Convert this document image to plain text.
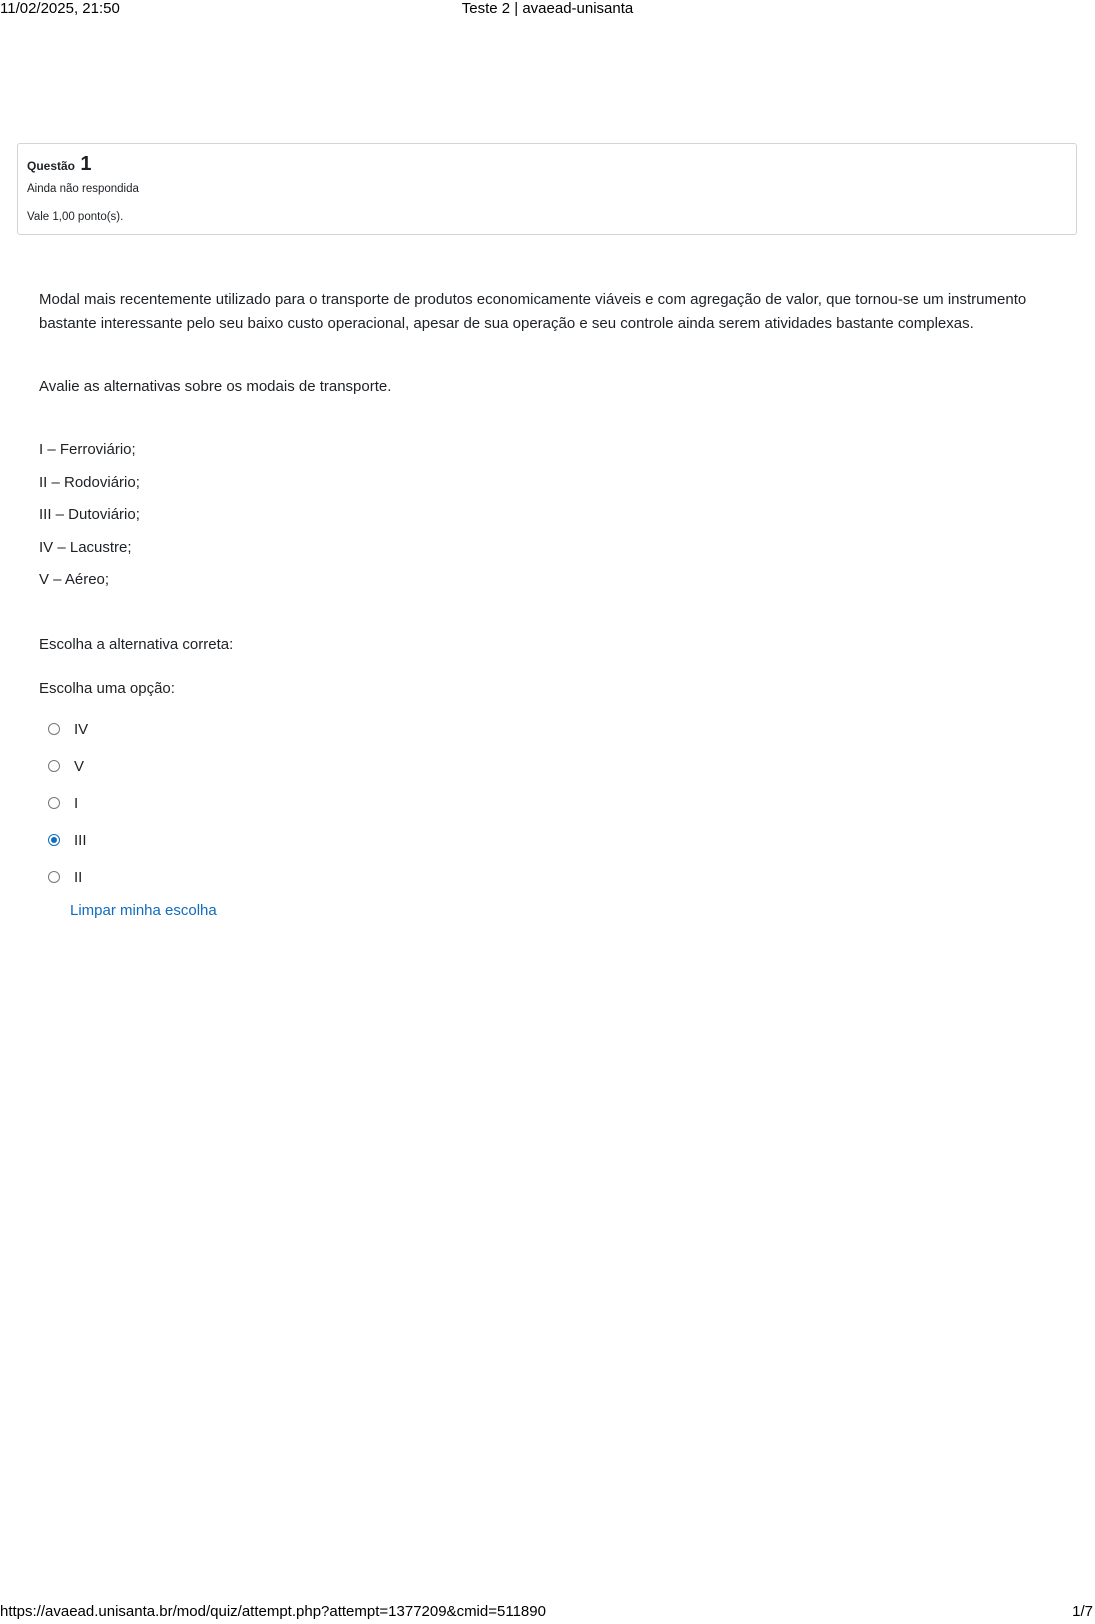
11/02/2025, 21:50	Teste 2 | avaead-unisanta
Questão 1
Ainda não respondida
Vale 1,00 ponto(s).

Modal mais recentemente utilizado para o transporte de produtos economicamente viáveis e com agregação de valor, que tornou-se um instrumento bastante interessante pelo seu baixo custo operacional, apesar de sua operação e seu controle ainda serem atividades bastante complexas.

Avalie as alternativas sobre os modais de transporte.

I – Ferroviário;
II – Rodoviário;
III – Dutoviário;
IV – Lacustre;
V – Aéreo;

Escolha a alternativa correta:

Escolha uma opção:

IV
V
I
III
II
Limpar minha escolha
https://avaead.unisanta.br/mod/quiz/attempt.php?attempt=1377209&cmid=511890	1/7
